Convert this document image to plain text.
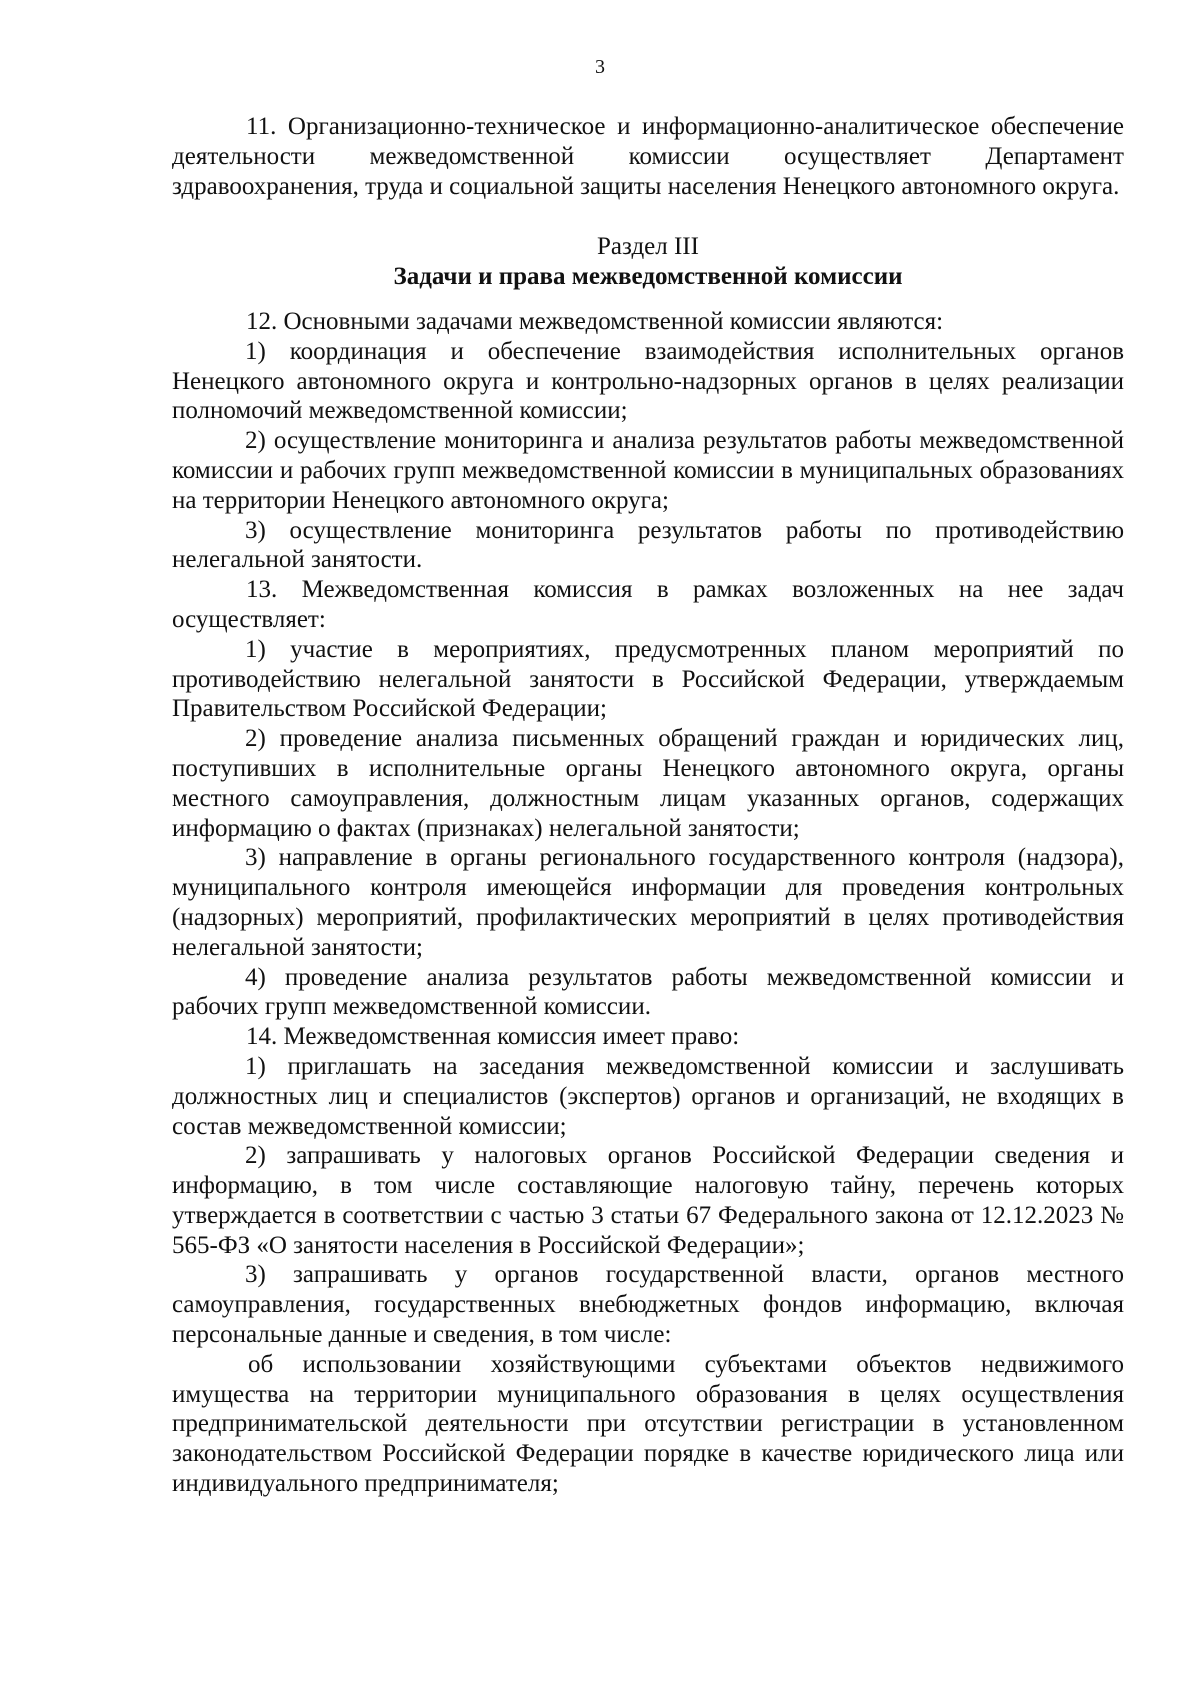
3

11. Организационно-техническое и информационно-аналитическое обеспечение деятельности межведомственной комиссии осуществляет Департамент здравоохранения, труда и социальной защиты населения Ненецкого автономного округа.

Раздел III
Задачи и права межведомственной комиссии

12. Основными задачами межведомственной комиссии являются:

1) координация и обеспечение взаимодействия исполнительных органов Ненецкого автономного округа и контрольно-надзорных органов в целях реализации полномочий межведомственной комиссии;

2) осуществление мониторинга и анализа результатов работы межведомственной комиссии и рабочих групп межведомственной комиссии в муниципальных образованиях на территории Ненецкого автономного округа;

3) осуществление мониторинга результатов работы по противодействию нелегальной занятости.

13. Межведомственная комиссия в рамках возложенных на нее задач осуществляет:

1) участие в мероприятиях, предусмотренных планом мероприятий по противодействию нелегальной занятости в Российской Федерации, утверждаемым Правительством Российской Федерации;

2) проведение анализа письменных обращений граждан и юридических лиц, поступивших в исполнительные органы Ненецкого автономного округа, органы местного самоуправления, должностным лицам указанных органов, содержащих информацию о фактах (признаках) нелегальной занятости;

3) направление в органы регионального государственного контроля (надзора), муниципального контроля имеющейся информации для проведения контрольных (надзорных) мероприятий, профилактических мероприятий в целях противодействия нелегальной занятости;

4) проведение анализа результатов работы межведомственной комиссии и рабочих групп межведомственной комиссии.

14. Межведомственная комиссия имеет право:

1) приглашать на заседания межведомственной комиссии и заслушивать должностных лиц и специалистов (экспертов) органов и организаций, не входящих в состав межведомственной комиссии;

2) запрашивать у налоговых органов Российской Федерации сведения и информацию, в том числе составляющие налоговую тайну, перечень которых утверждается в соответствии с частью 3 статьи 67 Федерального закона от 12.12.2023 № 565-ФЗ «О занятости населения в Российской Федерации»;

3) запрашивать у органов государственной власти, органов местного самоуправления, государственных внебюджетных фондов информацию, включая персональные данные и сведения, в том числе:

об использовании хозяйствующими субъектами объектов недвижимого имущества на территории муниципального образования в целях осуществления предпринимательской деятельности при отсутствии регистрации в установленном законодательством Российской Федерации порядке в качестве юридического лица или индивидуального предпринимателя;
